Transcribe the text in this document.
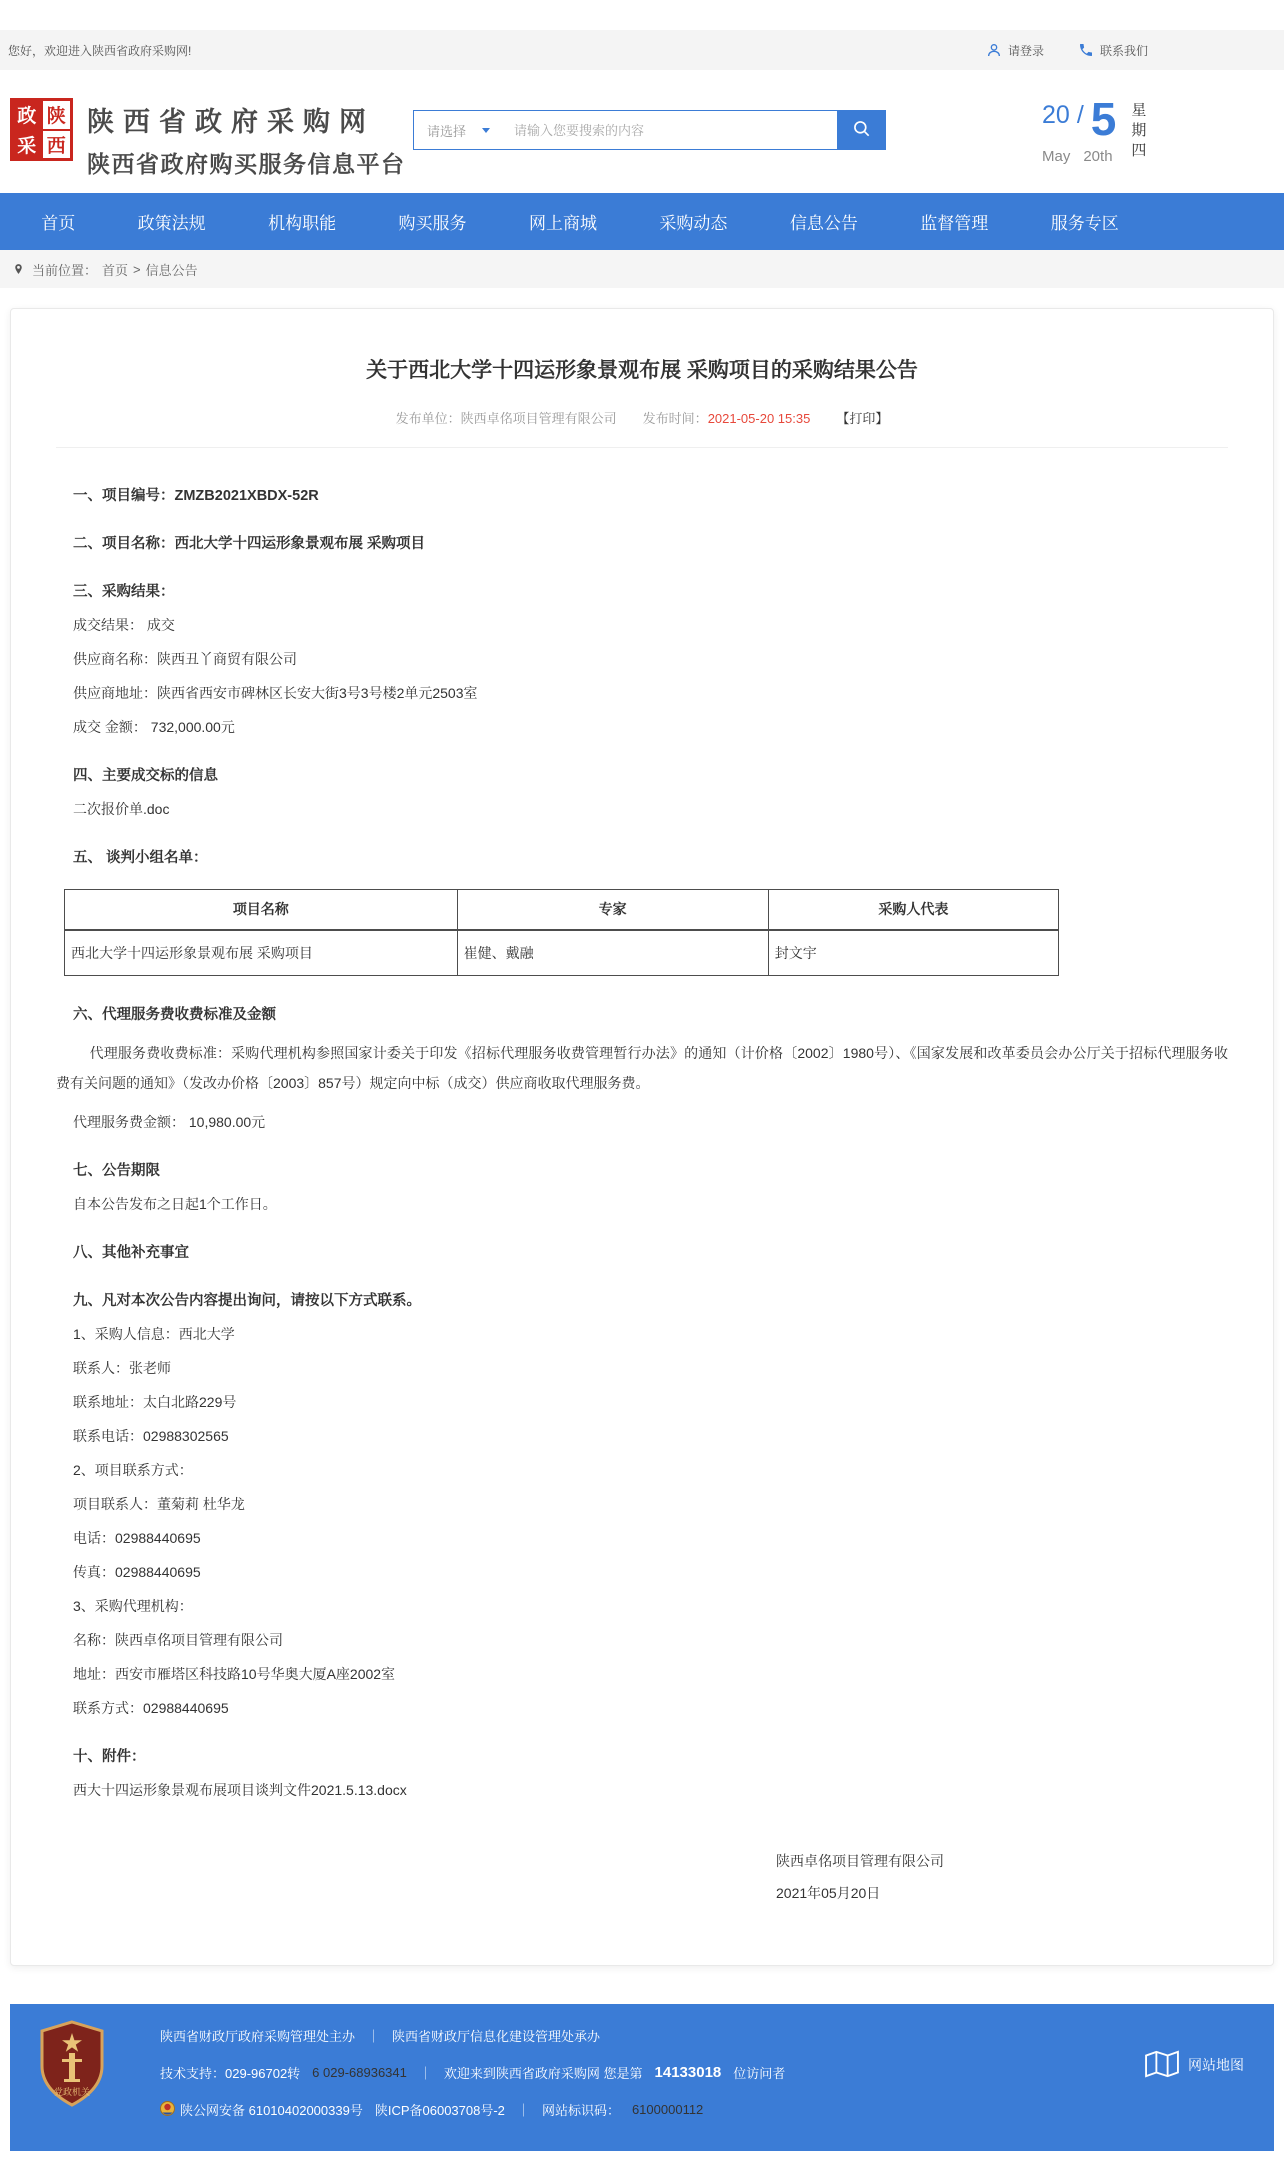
您好，欢迎进入陕西省政府采购网!	请登录	联系我们
政 陕
采 西
陕西省政府采购网
陕西省政府购买服务信息平台
请选择
请输入您要搜索的内容
20 / 5
May 20th
星期四
首页	政策法规	机构职能	购买服务	网上商城	采购动态	信息公告	监督管理	服务专区
当前位置： 首页 > 信息公告
关于西北大学十四运形象景观布展 采购项目的采购结果公告
发布单位：陕西卓佲项目管理有限公司 发布时间：2021-05-20 15:35 【打印】

一、项目编号：ZMZB2021XBDX-52R

二、项目名称：西北大学十四运形象景观布展 采购项目

三、采购结果：

成交结果： 成交

供应商名称：陕西丑丫商贸有限公司

供应商地址：陕西省西安市碑林区长安大街3号3号楼2单元2503室

成交 金额： 732,000.00元

四、主要成交标的信息

二次报价单.doc

五、 谈判小组名单：

项目名称	专家	采购人代表
西北大学十四运形象景观布展 采购项目	崔健、戴融	封文宇

六、代理服务费收费标准及金额

代理服务费收费标准：采购代理机构参照国家计委关于印发《招标代理服务收费管理暂行办法》的通知（计价格〔2002〕1980号）、《国家发展和改革委员会办公厅关于招标代理服务收费有关问题的通知》（发改办价格〔2003〕857号）规定向中标（成交）供应商收取代理服务费。

代理服务费金额： 10,980.00元

七、公告期限

自本公告发布之日起1个工作日。

八、其他补充事宜

九、凡对本次公告内容提出询问，请按以下方式联系。

1、采购人信息：西北大学

联系人：张老师

联系地址：太白北路229号

联系电话：02988302565

2、项目联系方式：

项目联系人：董菊莉 杜华龙

电话：02988440695

传真：02988440695

3、采购代理机构：

名称：陕西卓佲项目管理有限公司

地址：西安市雁塔区科技路10号华奥大厦A座2002室

联系方式：02988440695

十、附件：

西大十四运形象景观布展项目谈判文件2021.5.13.docx

陕西卓佲项目管理有限公司
2021年05月20日
党政机关
陕西省财政厅政府采购管理处主办 ｜ 陕西省财政厅信息化建设管理处承办
技术支持：029-96702转 6 029-68936341 ｜ 欢迎来到陕西省政府采购网 您是第 14133018 位访问者
陕公网安备 61010402000339号 陕ICP备06003708号-2 ｜ 网站标识码： 6100000112
网站地图
